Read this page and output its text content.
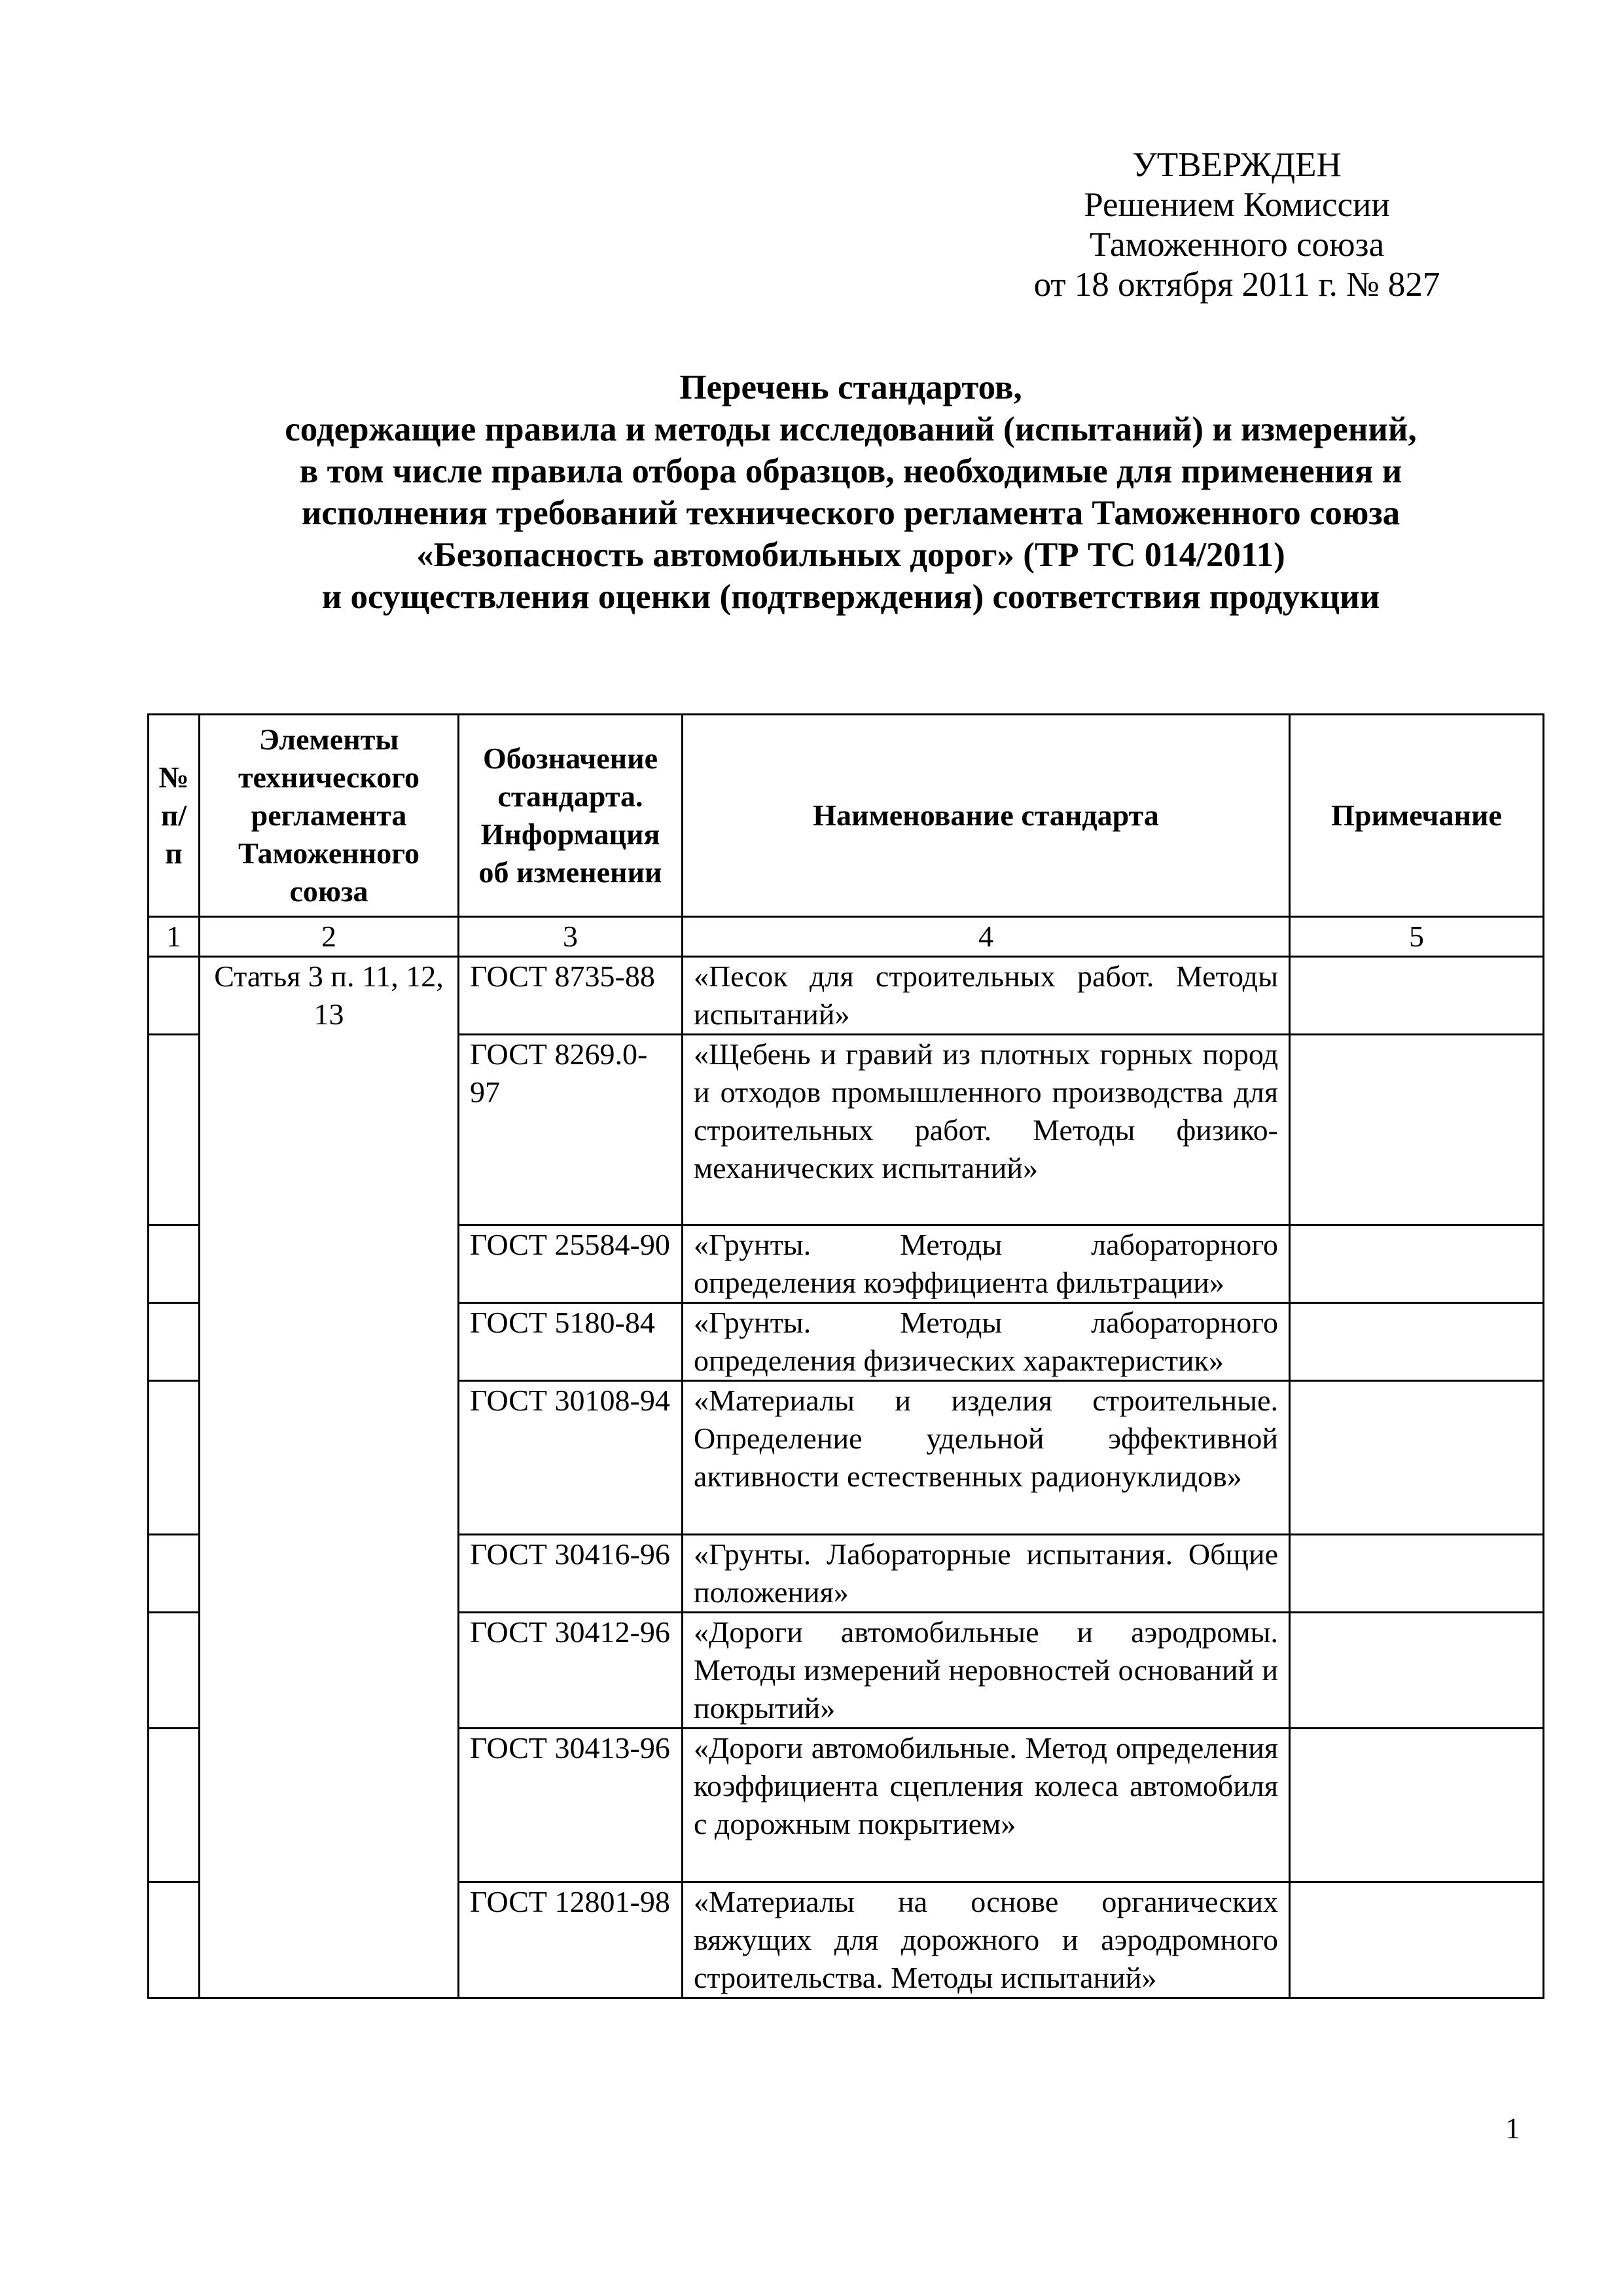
УТВЕРЖДЕН
Решением Комиссии
Таможенного союза
от 18 октября 2011 г. № 827
Перечень стандартов,
содержащие правила и методы исследований (испытаний) и измерений,
в том числе правила отбора образцов, необходимые для применения и
исполнения требований технического регламента Таможенного союза
«Безопасность автомобильных дорог» (ТР ТС 014/2011)
и осуществления оценки (подтверждения) соответствия продукции
№ п/п	Элементы технического регламента Таможенного союза	Обозначение стандарта. Информация об изменении	Наименование стандарта	Примечание
1	2	3	4	5
	Статья 3 п. 11, 12, 13	ГОСТ 8735-88	«Песок для строительных работ. Методы испытаний»	
		ГОСТ 8269.0-97	«Щебень и гравий из плотных горных пород и отходов промышленного производства для строительных работ. Методы физико-механических испытаний»	
		ГОСТ 25584-90	«Грунты. Методы лабораторного определения коэффициента фильтрации»	
		ГОСТ 5180-84	«Грунты. Методы лабораторного определения физических характеристик»	
		ГОСТ 30108-94	«Материалы и изделия строительные. Определение удельной эффективной активности естественных радионуклидов»	
		ГОСТ 30416-96	«Грунты. Лабораторные испытания. Общие положения»	
		ГОСТ 30412-96	«Дороги автомобильные и аэродромы. Методы измерений неровностей оснований и покрытий»	
		ГОСТ 30413-96	«Дороги автомобильные. Метод определения коэффициента сцепления колеса автомобиля с дорожным покрытием»	
		ГОСТ 12801-98	«Материалы на основе органических вяжущих для дорожного и аэродромного строительства. Методы испытаний»	
1
